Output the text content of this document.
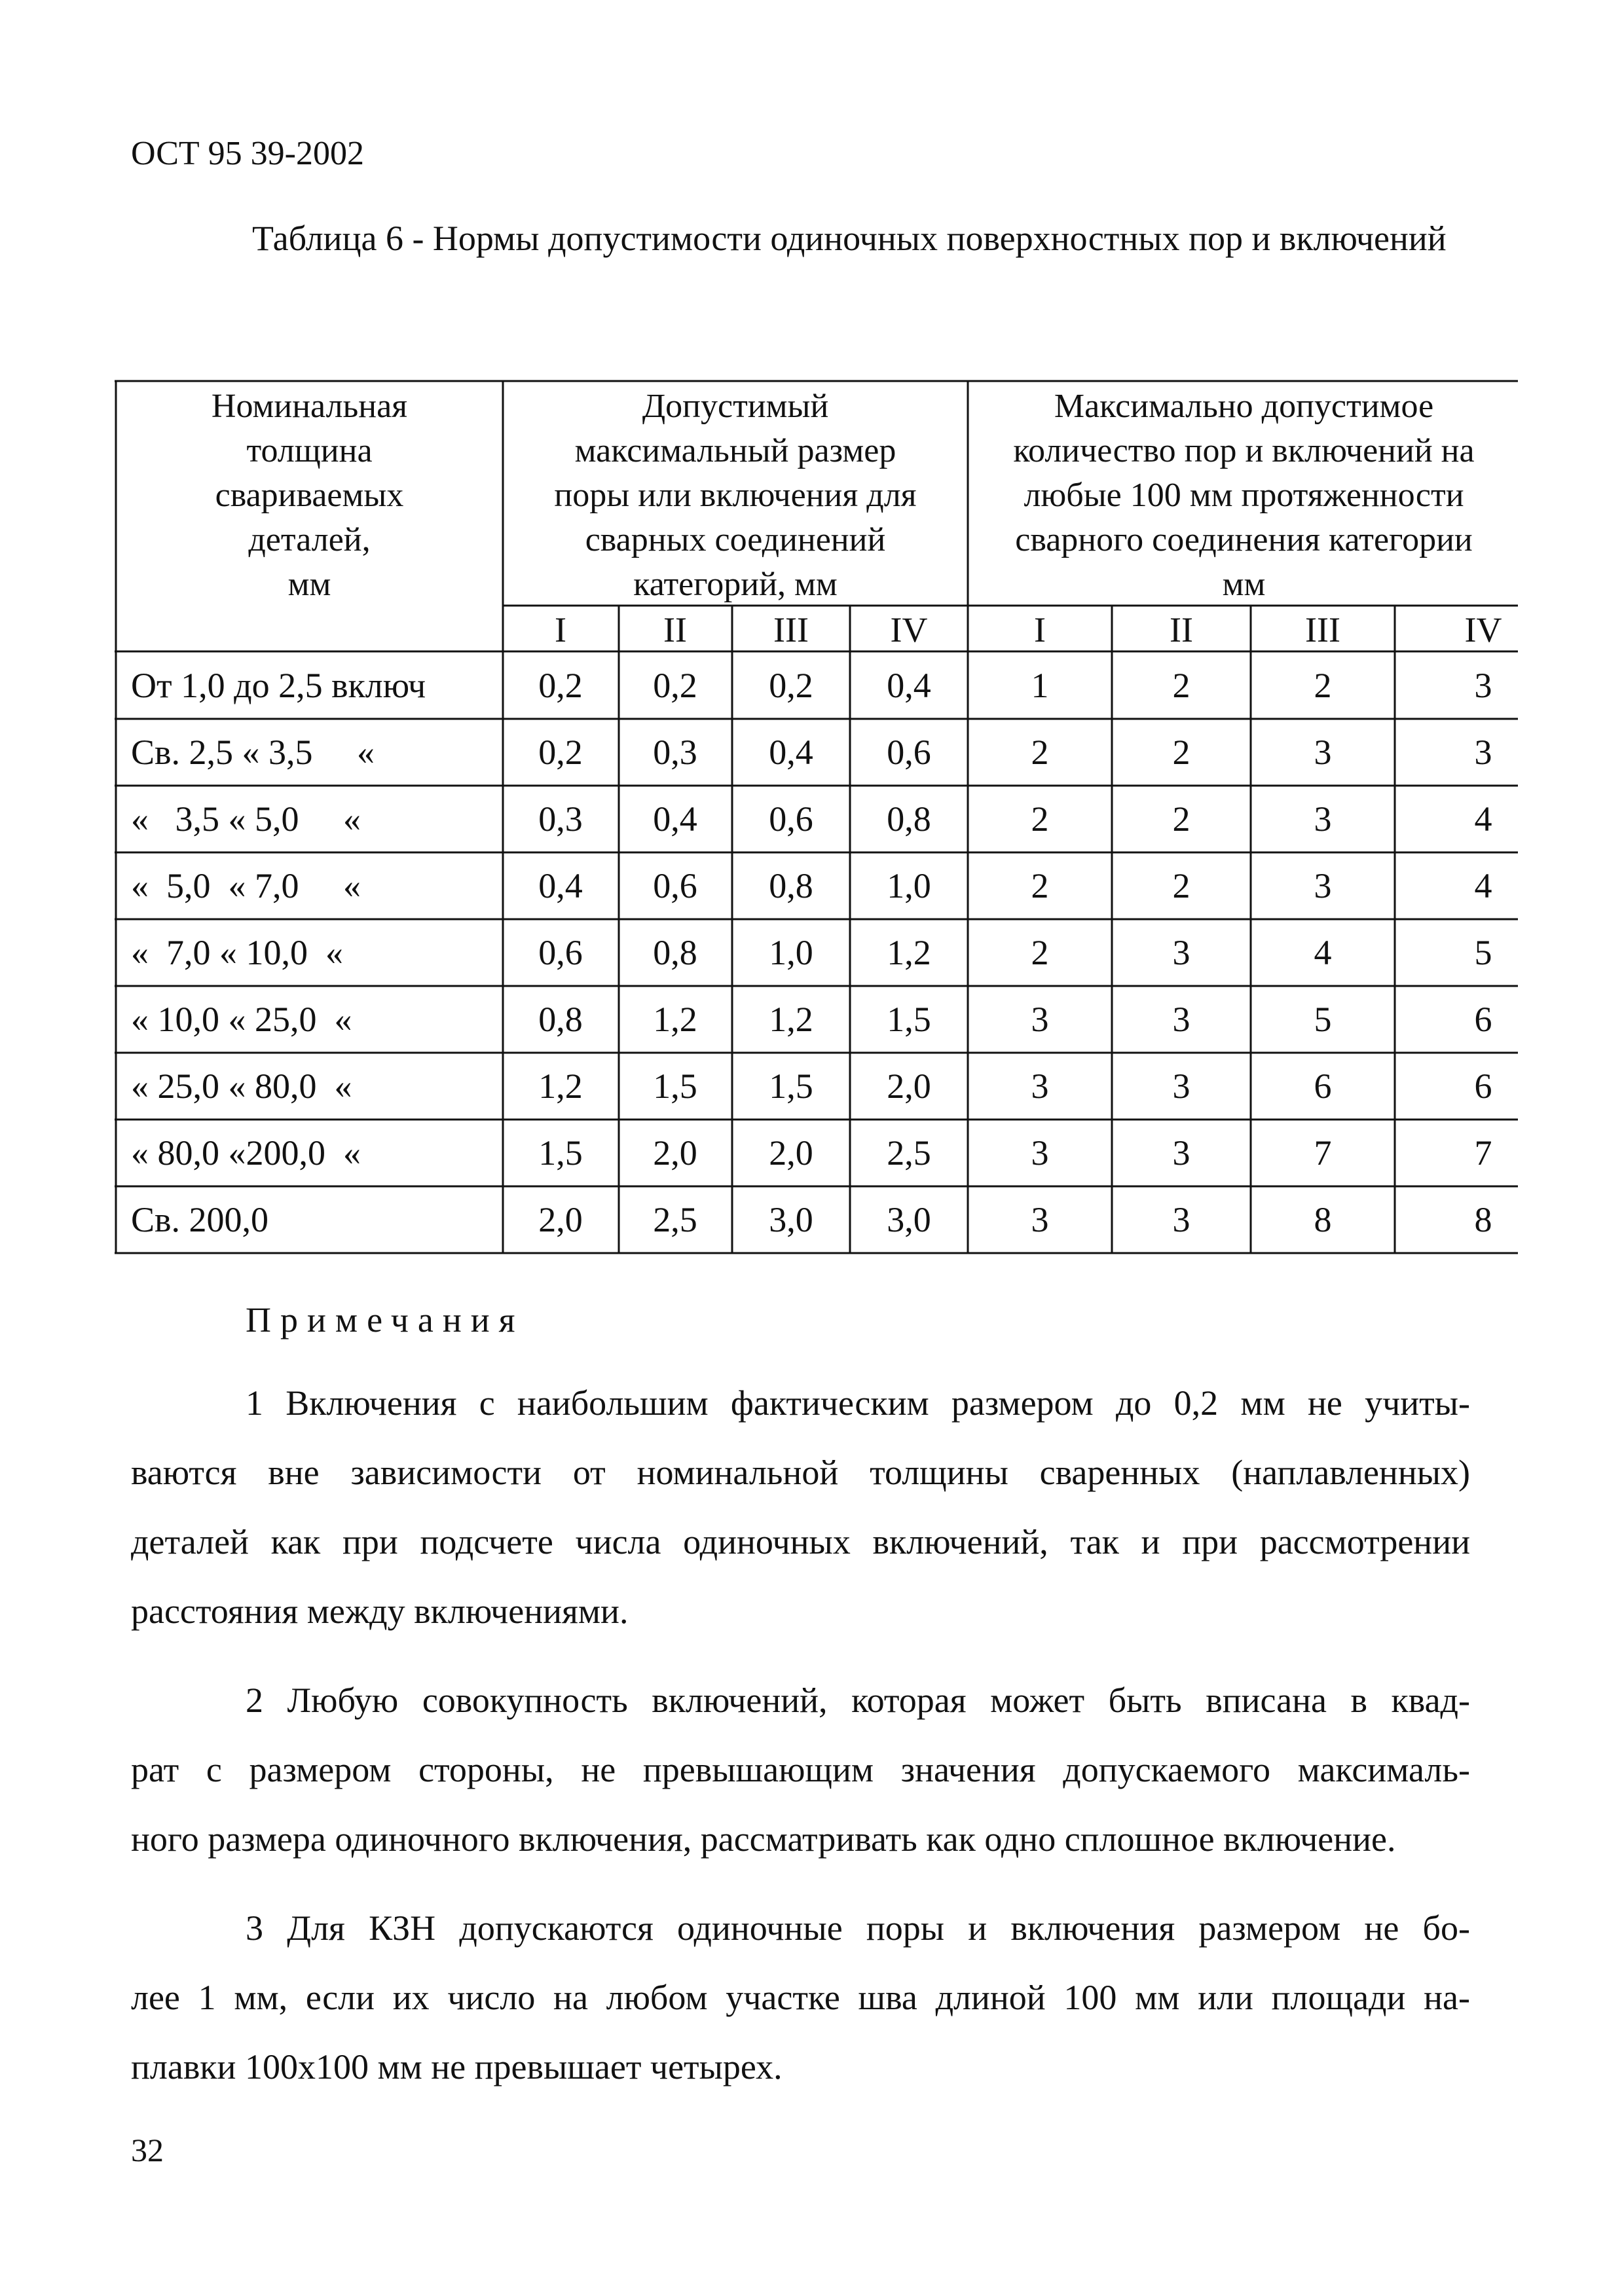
ОСТ 95 39-2002
Таблица 6 - Нормы допустимости одиночных поверхностных пор и включений
Номинальная
толщина
свариваемых
деталей,
мм
Допустимый
максимальный размер
поры или включения для
сварных соединений
категорий, мм
Максимально допустимое
количество пор и включений на
любые 100 мм протяженности
сварного соединения категории
мм
I	II III IV	I	II	III	IV
От 1,0 до 2,5 включ	0,2 0,2 0,2 0,4	1	2	2	3
Св. 2,5 « 3,5     «	0,2 0,3 0,4 0,6	2	2	3	3
«   3,5 « 5,0     «	0,3 0,4 0,6 0,8	2	2	3	4
«  5,0  « 7,0     «	0,4 0,6 0,8 1,0	2	2	3	4
«  7,0 « 10,0  «	0,6 0,8 1,0 1,2	2	3	4	5
« 10,0 « 25,0  «	0,8 1,2 1,2 1,5	3	3	5	6
« 25,0 « 80,0  «	1,2 1,5 1,5 2,0	3	3	6	6
« 80,0 «200,0  «	1,5 2,0 2,0 2,5	3	3	7	7
Св. 200,0	2,0 2,5 3,0 3,0	3	3	8	8
Примечания
1 Включения с наибольшим фактическим размером до 0,2 мм не учиты-
ваются вне зависимости от номинальной толщины сваренных (наплавленных)
деталей как при подсчете числа одиночных включений, так и при рассмотрении
расстояния между включениями.
2 Любую совокупность включений, которая может быть вписана в квад-
рат с размером стороны, не превышающим значения допускаемого максималь-
ного размера одиночного включения, рассматривать как одно сплошное включение.
3 Для КЗН допускаются одиночные поры и включения размером не бо-
лее 1 мм, если их число на любом участке шва длиной 100 мм или площади на-
плавки 100х100 мм не превышает четырех.
32
